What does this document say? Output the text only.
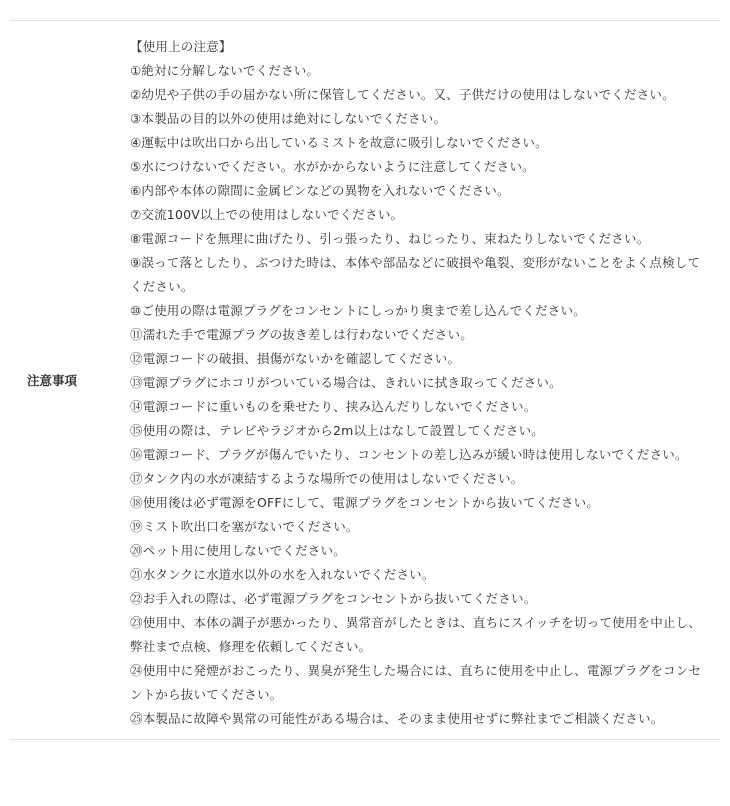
注意事項

【使用上の注意】

①絶対に分解しないでください。

②幼児や子供の手の届かない所に保管してください。又、子供だけの使用はしないでください。

③本製品の目的以外の使用は絶対にしないでください。

④運転中は吹出口から出しているミストを故意に吸引しないでください。

⑤水につけないでください。水がかからないように注意してください。

⑥内部や本体の隙間に金属ピンなどの異物を入れないでください。

⑦交流100V以上での使用はしないでください。

⑧電源コードを無理に曲げたり、引っ張ったり、ねじったり、束ねたりしないでください。

⑨誤って落としたり、ぶつけた時は、本体や部品などに破損や亀裂、変形がないことをよく点検してください。

⑩ご使用の際は電源プラグをコンセントにしっかり奥まで差し込んでください。

⑪濡れた手で電源プラグの抜き差しは行わないでください。

⑫電源コードの破損、損傷がないかを確認してください。

⑬電源プラグにホコリがついている場合は、きれいに拭き取ってください。

⑭電源コードに重いものを乗せたり、挟み込んだりしないでください。

⑮使用の際は、テレビやラジオから2m以上はなして設置してください。

⑯電源コード、プラグが傷んでいたり、コンセントの差し込みが緩い時は使用しないでください。

⑰タンク内の水が凍結するような場所での使用はしないでください。

⑱使用後は必ず電源をOFFにして、電源プラグをコンセントから抜いてください。

⑲ミスト吹出口を塞がないでください。

⑳ペット用に使用しないでください。

㉑水タンクに水道水以外の水を入れないでください。

㉒お手入れの際は、必ず電源プラグをコンセントから抜いてください。

㉓使用中、本体の調子が悪かったり、異常音がしたときは、直ちにスイッチを切って使用を中止し、弊社まで点検、修理を依頼してください。

㉔使用中に発煙がおこったり、異臭が発生した場合には、直ちに使用を中止し、電源プラグをコンセントから抜いてください。

㉕本製品に故障や異常の可能性がある場合は、そのまま使用せずに弊社までご相談ください。
